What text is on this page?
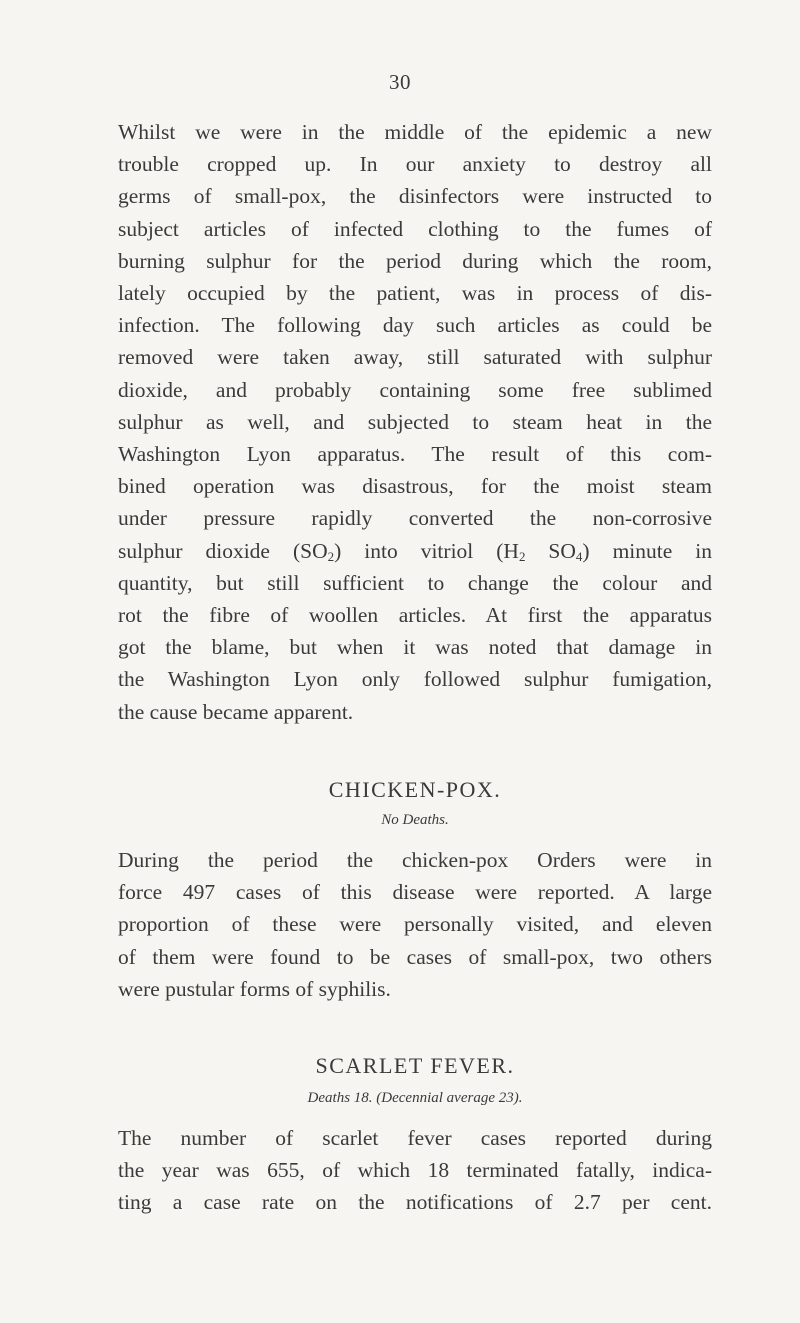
30
Whilst we were in the middle of the epidemic a new
trouble cropped up. In our anxiety to destroy all
germs of small-pox, the disinfectors were instructed to
subject articles of infected clothing to the fumes of
burning sulphur for the period during which the room,
lately occupied by the patient, was in process of dis-
infection. The following day such articles as could be
removed were taken away, still saturated with sulphur
dioxide, and probably containing some free sublimed
sulphur as well, and subjected to steam heat in the
Washington Lyon apparatus. The result of this com-
bined operation was disastrous, for the moist steam
under pressure rapidly converted the non-corrosive
sulphur dioxide $(SO_2)$ into vitriol ($H_2$ $SO_4$) minute in
quantity, but still sufficient to change the colour and
rot the fibre of woollen articles. At first the apparatus
got the blame, but when it was noted that damage in
the Washington Lyon only followed sulphur fumigation,
the cause became apparent.
CHICKEN-POX.
No Deaths.
During the period the chicken-pox Orders were in
force 497 cases of this disease were reported. A large
proportion of these were personally visited, and eleven
of them were found to be cases of small-pox, two others
were pustular forms of syphilis.
SCARLET FEVER.
Deaths 18. (Decennial average 23).
The number of scarlet fever cases reported during
the year was 655, of which 18 terminated fatally, indica-
ting a case rate on the notifications of 2.7 per cent.
